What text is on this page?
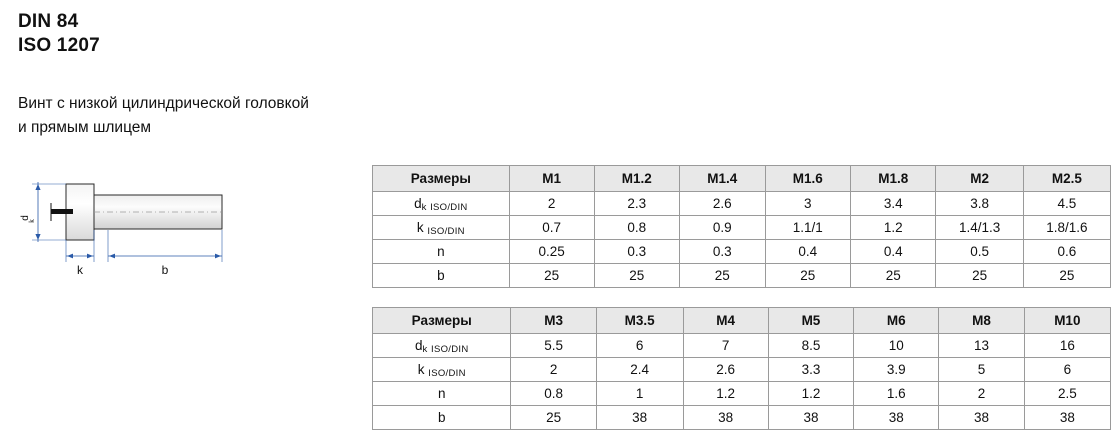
DIN 84
ISO 1207
Винт с низкой цилиндрической головкой
и прямым шлицем
d
k
k	b
Размеры	M1	M1.2	M1.4	M1.6	M1.8	M2	M2.5
$d_k$ ISO/DIN	2	2.3	2.6	3	3.4	3.8	4.5
k ISO/DIN	0.7	0.8	0.9	1.1/1	1.2	1.4/1.3	1.8/1.6
n	0.25	0.3	0.3	0.4	0.4	0.5	0.6
b	25	25	25	25	25	25	25
Размеры	M3	M3.5	M4	M5	M6	M8	M10
$d_k$ ISO/DIN	5.5	6	7	8.5	10	13	16
k ISO/DIN	2	2.4	2.6	3.3	3.9	5	6
n	0.8	1	1.2	1.2	1.6	2	2.5
b	25	38	38	38	38	38	38
